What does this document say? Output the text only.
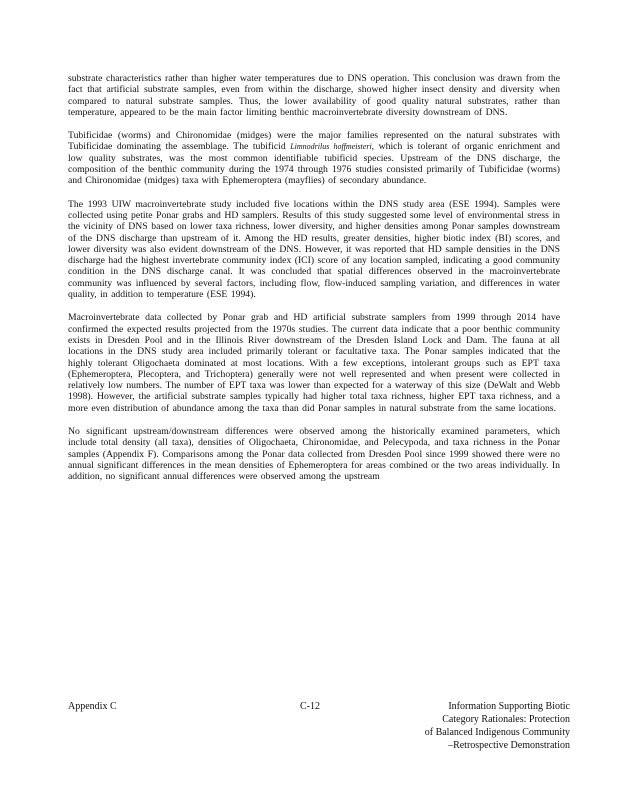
substrate characteristics rather than higher water temperatures due to DNS operation. This conclusion was drawn from the fact that artificial substrate samples, even from within the discharge, showed higher insect density and diversity when compared to natural substrate samples. Thus, the lower availability of good quality natural substrates, rather than temperature, appeared to be the main factor limiting benthic macroinvertebrate diversity downstream of DNS.

Tubificidae (worms) and Chironomidae (midges) were the major families represented on the natural substrates with Tubificidae dominating the assemblage. The tubificid Limnodrilus hoffmeisteri, which is tolerant of organic enrichment and low quality substrates, was the most common identifiable tubificid species. Upstream of the DNS discharge, the composition of the benthic community during the 1974 through 1976 studies consisted primarily of Tubificidae (worms) and Chironomidae (midges) taxa with Ephemeroptera (mayflies) of secondary abundance.

The 1993 UIW macroinvertebrate study included five locations within the DNS study area (ESE 1994). Samples were collected using petite Ponar grabs and HD samplers. Results of this study suggested some level of environmental stress in the vicinity of DNS based on lower taxa richness, lower diversity, and higher densities among Ponar samples downstream of the DNS discharge than upstream of it. Among the HD results, greater densities, higher biotic index (BI) scores, and lower diversity was also evident downstream of the DNS. However, it was reported that HD sample densities in the DNS discharge had the highest invertebrate community index (ICI) score of any location sampled, indicating a good community condition in the DNS discharge canal. It was concluded that spatial differences observed in the macroinvertebrate community was influenced by several factors, including flow, flow-induced sampling variation, and differences in water quality, in addition to temperature (ESE 1994).

Macroinvertebrate data collected by Ponar grab and HD artificial substrate samplers from 1999 through 2014 have confirmed the expected results projected from the 1970s studies. The current data indicate that a poor benthic community exists in Dresden Pool and in the Illinois River downstream of the Dresden Island Lock and Dam. The fauna at all locations in the DNS study area included primarily tolerant or facultative taxa. The Ponar samples indicated that the highly tolerant Oligochaeta dominated at most locations. With a few exceptions, intolerant groups such as EPT taxa (Ephemeroptera, Plecoptera, and Trichoptera) generally were not well represented and when present were collected in relatively low numbers. The number of EPT taxa was lower than expected for a waterway of this size (DeWalt and Webb 1998). However, the artificial substrate samples typically had higher total taxa richness, higher EPT taxa richness, and a more even distribution of abundance among the taxa than did Ponar samples in natural substrate from the same locations.

No significant upstream/downstream differences were observed among the historically examined parameters, which include total density (all taxa), densities of Oligochaeta, Chironomidae, and Pelecypoda, and taxa richness in the Ponar samples (Appendix F). Comparisons among the Ponar data collected from Dresden Pool since 1999 showed there were no annual significant differences in the mean densities of Ephemeroptera for areas combined or the two areas individually. In addition, no significant annual differences were observed among the upstream

Appendix C	C-12	Information Supporting Biotic
Category Rationales: Protection
of Balanced Indigenous Community
–Retrospective Demonstration
